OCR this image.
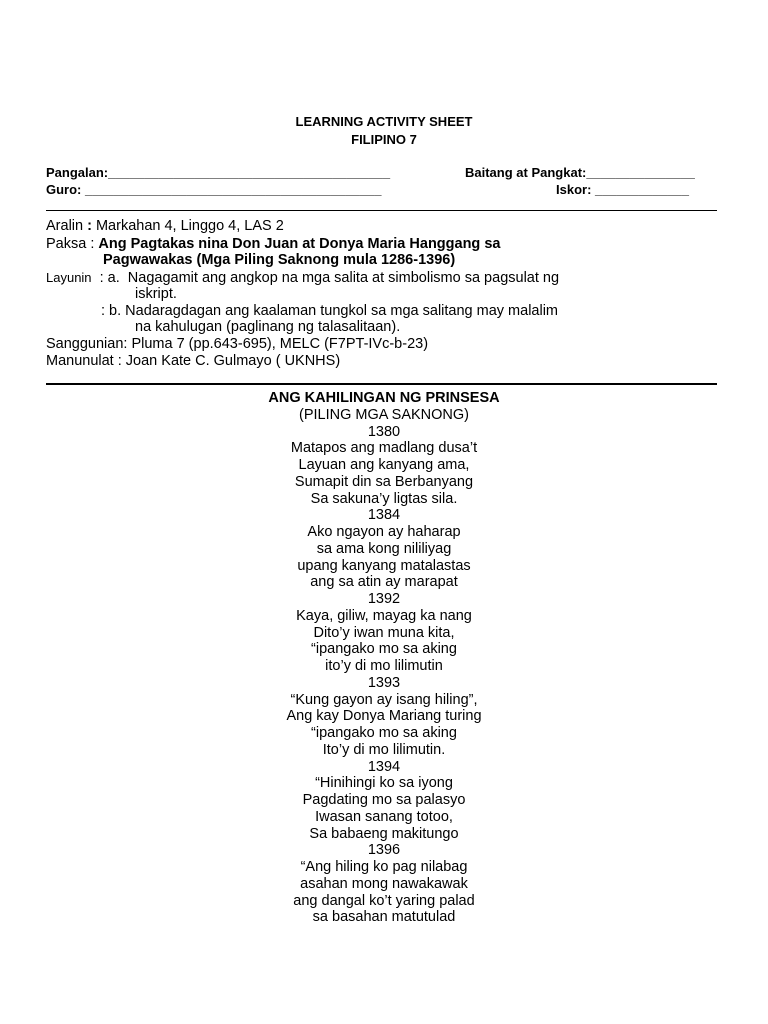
LEARNING ACTIVITY SHEET
FILIPINO 7
Pangalan:_______________________________________	Baitang at Pangkat:_______________
Guro: _________________________________________	Iskor: _____________
Aralin : Markahan 4, Linggo 4, LAS 2
Paksa : Ang Pagtakas nina Don Juan at Donya Maria Hanggang sa
Pagwawakas (Mga Piling Saknong mula 1286-1396)
Layunin  : a.  Nagagamit ang angkop na mga salita at simbolismo sa pagsulat ng
iskript.
: b. Nadaragdagan ang kaalaman tungkol sa mga salitang may malalim
na kahulugan (paglinang ng talasalitaan).
Sanggunian: Pluma 7 (pp.643-695), MELC (F7PT-IVc-b-23)
Manunulat : Joan Kate C. Gulmayo ( UKNHS)
ANG KAHILINGAN NG PRINSESA
(PILING MGA SAKNONG)
1380
Matapos ang madlang dusa’t
Layuan ang kanyang ama,
Sumapit din sa Berbanyang
Sa sakuna’y ligtas sila.
1384
Ako ngayon ay haharap
sa ama kong nililiyag
upang kanyang matalastas
ang sa atin ay marapat
1392
Kaya, giliw, mayag ka nang
Dito’y iwan muna kita,
“ipangako mo sa aking
ito’y di mo lilimutin
1393
“Kung gayon ay isang hiling”,
Ang kay Donya Mariang turing
“ipangako mo sa aking
Ito’y di mo lilimutin.
1394
“Hinihingi ko sa iyong
Pagdating mo sa palasyo
Iwasan sanang totoo,
Sa babaeng makitungo
1396
“Ang hiling ko pag nilabag
asahan mong nawakawak
ang dangal ko’t yaring palad
sa basahan matutulad
